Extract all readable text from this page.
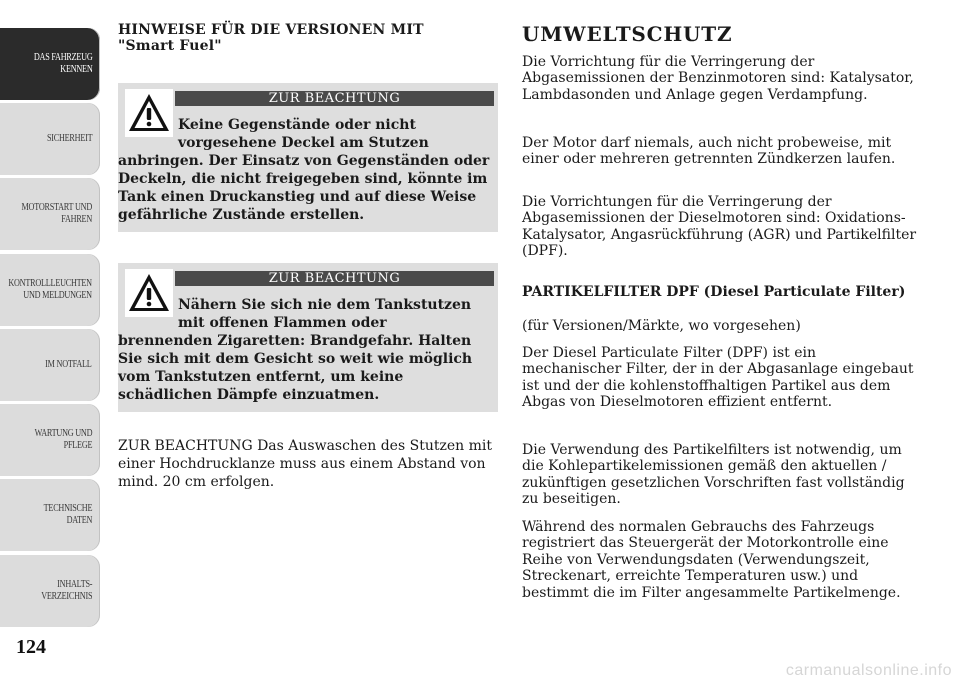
DAS FAHRZEUG
KENNEN
SICHERHEIT
MOTORSTART UND
FAHREN
KONTROLLLEUCHTEN
UND MELDUNGEN
IM NOTFALL
WARTUNG UND
PFLEGE
TECHNISCHE
DATEN
INHALTS-
VERZEICHNIS
124
carmanualsonline.info
HINWEISE FÜR DIE VERSIONEN MIT
"Smart Fuel"
ZUR BEACHTUNG
Keine Gegenstände oder nicht
vorgesehene Deckel am Stutzen
anbringen. Der Einsatz von Gegenständen oder Deckeln, die nicht freigegeben sind, könnte im Tank einen Druckanstieg und auf diese Weise gefährliche Zustände erstellen.
ZUR BEACHTUNG
Nähern Sie sich nie dem Tankstutzen
mit offenen Flammen oder
brennenden Zigaretten: Brandgefahr. Halten Sie sich mit dem Gesicht so weit wie möglich vom Tankstutzen entfernt, um keine schädlichen Dämpfe einzuatmen.

ZUR BEACHTUNG Das Auswaschen des Stutzen mit einer Hochdrucklanze muss aus einem Abstand von mind. 20 cm erfolgen.

UMWELTSCHUTZ

Die Vorrichtung für die Verringerung der Abgasemissionen der Benzinmotoren sind: Katalysator, Lambdasonden und Anlage gegen Verdampfung.

Der Motor darf niemals, auch nicht probeweise, mit einer oder mehreren getrennten Zündkerzen laufen.

Die Vorrichtungen für die Verringerung der Abgasemissionen der Dieselmotoren sind: Oxidations-Katalysator, Angasrückführung (AGR) und Partikelfilter (DPF).

PARTIKELFILTER DPF (Diesel Particulate Filter)

(für Versionen/Märkte, wo vorgesehen)

Der Diesel Particulate Filter (DPF) ist ein mechanischer Filter, der in der Abgasanlage eingebaut ist und der die kohlenstoffhaltigen Partikel aus dem Abgas von Dieselmotoren effizient entfernt.

Die Verwendung des Partikelfilters ist notwendig, um die Kohlepartikelemissionen gemäß den aktuellen / zukünftigen gesetzlichen Vorschriften fast vollständig zu beseitigen.

Während des normalen Gebrauchs des Fahrzeugs registriert das Steuergerät der Motorkontrolle eine Reihe von Verwendungsdaten (Verwendungszeit, Streckenart, erreichte Temperaturen usw.) und bestimmt die im Filter angesammelte Partikelmenge.
